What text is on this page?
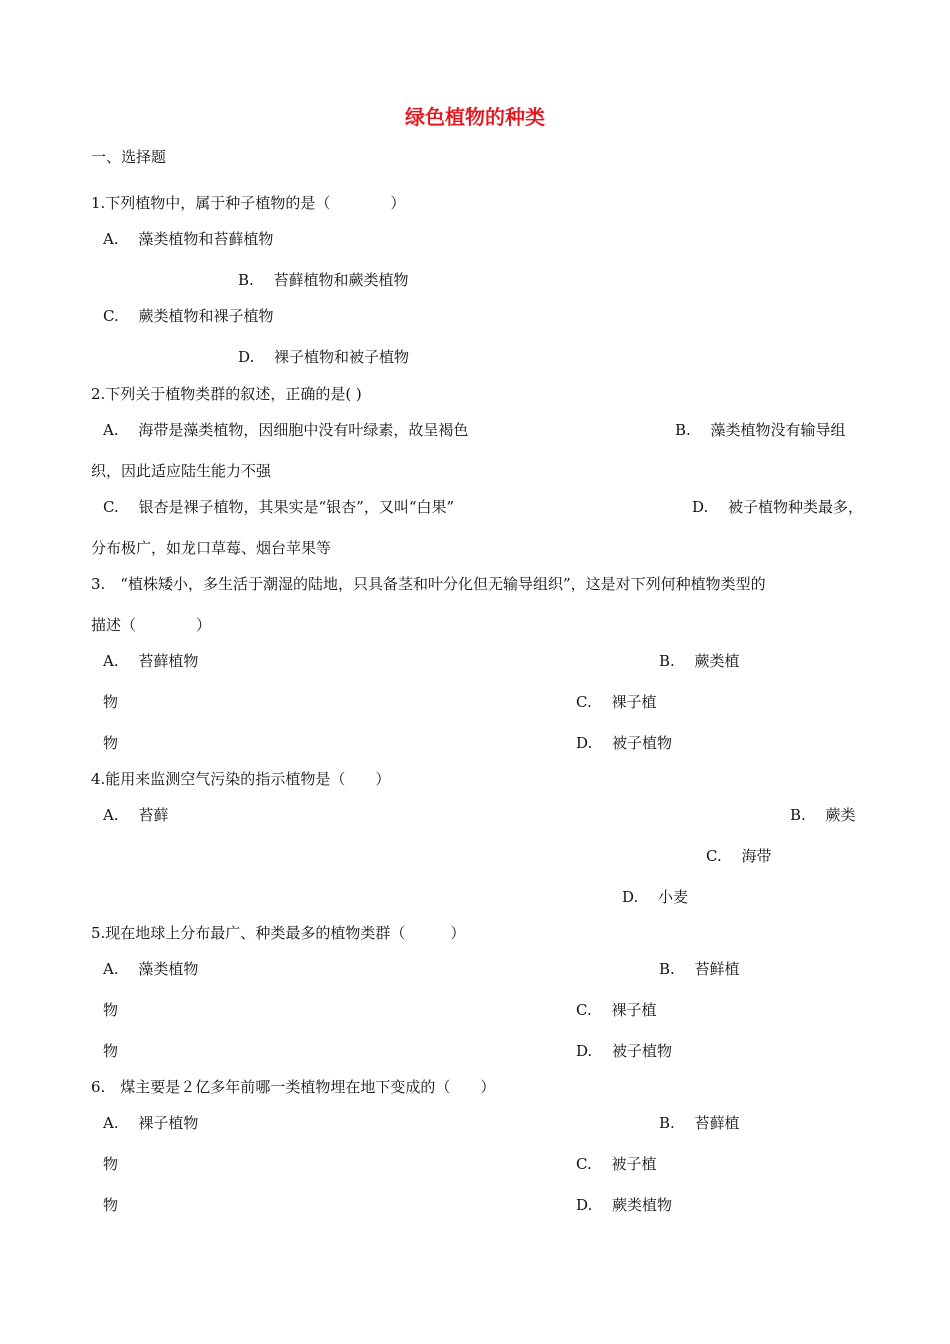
绿色植物的种类
一、选择题
1.下列植物中，属于种子植物的是（　　　　）
A.　 藻类植物和苔藓植物
B.　 苔藓植物和蕨类植物
C.　 蕨类植物和裸子植物
D.　 裸子植物和被子植物
2.下列关于植物类群的叙述，正确的是( )
A.　 海带是藻类植物，因细胞中没有叶绿素，故呈褐色	B.　 藻类植物没有输导组
织，因此适应陆生能力不强
C.　 银杏是裸子植物，其果实是“银杏”，又叫“白果”	D.　 被子植物种类最多，
分布极广，如龙口草莓、烟台苹果等
3.　“植株矮小，多生活于潮湿的陆地，只具备茎和叶分化但无输导组织”，这是对下列何种植物类型的
描述（　　　　）
A.　 苔藓植物	B.　 蕨类植
物	C.　 裸子植
物	D.　 被子植物
4.能用来监测空气污染的指示植物是（　　）
A.　 苔藓	B.　 蕨类
C.　 海带
D.　 小麦
5.现在地球上分布最广、种类最多的植物类群（　　　）
A.　 藻类植物	B.　 苔鲜植
物	C.　 裸子植
物	D.　 被子植物
6.　煤主要是２亿多年前哪一类植物埋在地下变成的（　　）
A.　 裸子植物	B.　 苔藓植
物	C.　 被子植
物	D.　 蕨类植物
